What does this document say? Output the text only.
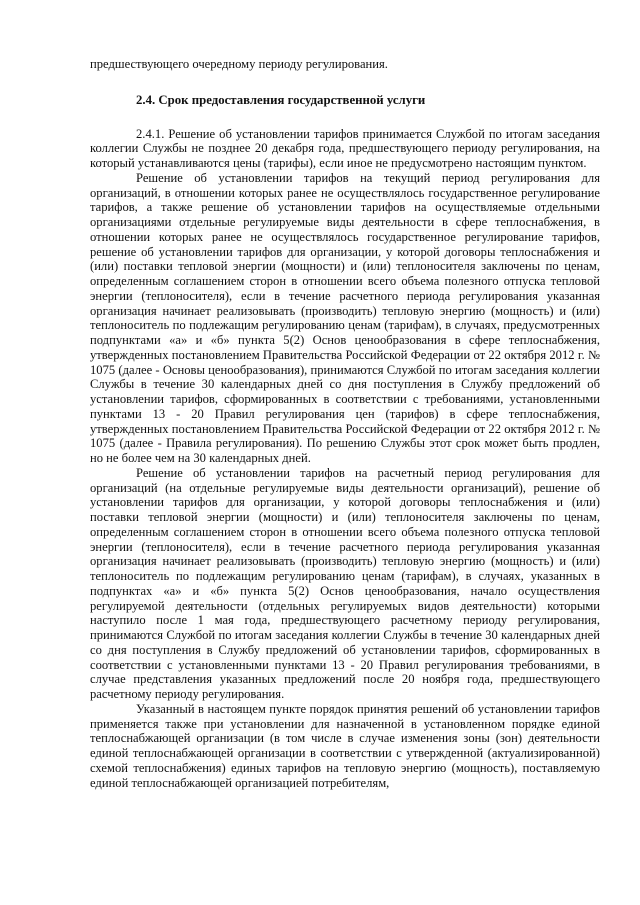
предшествующего очередному периоду регулирования.

2.4. Срок предоставления государственной услуги

2.4.1. Решение об установлении тарифов принимается Службой по итогам заседания коллегии Службы не позднее 20 декабря года, предшествующего периоду регулирования, на который устанавливаются цены (тарифы), если иное не предусмотрено настоящим пунктом.

Решение об установлении тарифов на текущий период регулирования для организаций, в отношении которых ранее не осуществлялось государственное регулирование тарифов, а также решение об установлении тарифов на осуществляемые отдельными организациями отдельные регулируемые виды деятельности в сфере теплоснабжения, в отношении которых ранее не осуществлялось государственное регулирование тарифов, решение об установлении тарифов для организации, у которой договоры теплоснабжения и (или) поставки тепловой энергии (мощности) и (или) теплоносителя заключены по ценам, определенным соглашением сторон в отношении всего объема полезного отпуска тепловой энергии (теплоносителя), если в течение расчетного периода регулирования указанная организация начинает реализовывать (производить) тепловую энергию (мощность) и (или) теплоноситель по подлежащим регулированию ценам (тарифам), в случаях, предусмотренных подпунктами «а» и «б» пункта 5(2) Основ ценообразования в сфере теплоснабжения, утвержденных постановлением Правительства Российской Федерации от 22 октября 2012 г. № 1075 (далее - Основы ценообразования), принимаются Службой по итогам заседания коллегии Службы в течение 30 календарных дней со дня поступления в Службу предложений об установлении тарифов, сформированных в соответствии с требованиями, установленными пунктами 13 - 20 Правил регулирования цен (тарифов) в сфере теплоснабжения, утвержденных постановлением Правительства Российской Федерации от 22 октября 2012 г. № 1075 (далее - Правила регулирования). По решению Службы этот срок может быть продлен, но не более чем на 30 календарных дней.

Решение об установлении тарифов на расчетный период регулирования для организаций (на отдельные регулируемые виды деятельности организаций), решение об установлении тарифов для организации, у которой договоры теплоснабжения и (или) поставки тепловой энергии (мощности) и (или) теплоносителя заключены по ценам, определенным соглашением сторон в отношении всего объема полезного отпуска тепловой энергии (теплоносителя), если в течение расчетного периода регулирования указанная организация начинает реализовывать (производить) тепловую энергию (мощность) и (или) теплоноситель по подлежащим регулированию ценам (тарифам), в случаях, указанных в подпунктах «а» и «б» пункта 5(2) Основ ценообразования, начало осуществления регулируемой деятельности (отдельных регулируемых видов деятельности) которыми наступило после 1 мая года, предшествующего расчетному периоду регулирования, принимаются Службой по итогам заседания коллегии Службы в течение 30 календарных дней со дня поступления в Службу предложений об установлении тарифов, сформированных в соответствии с установленными пунктами 13 - 20 Правил регулирования требованиями, в случае представления указанных предложений после 20 ноября года, предшествующего расчетному периоду регулирования.

Указанный в настоящем пункте порядок принятия решений об установлении тарифов применяется также при установлении для назначенной в установленном порядке единой теплоснабжающей организации (в том числе в случае изменения зоны (зон) деятельности единой теплоснабжающей организации в соответствии с утвержденной (актуализированной) схемой теплоснабжения) единых тарифов на тепловую энергию (мощность), поставляемую единой теплоснабжающей организацией потребителям,
